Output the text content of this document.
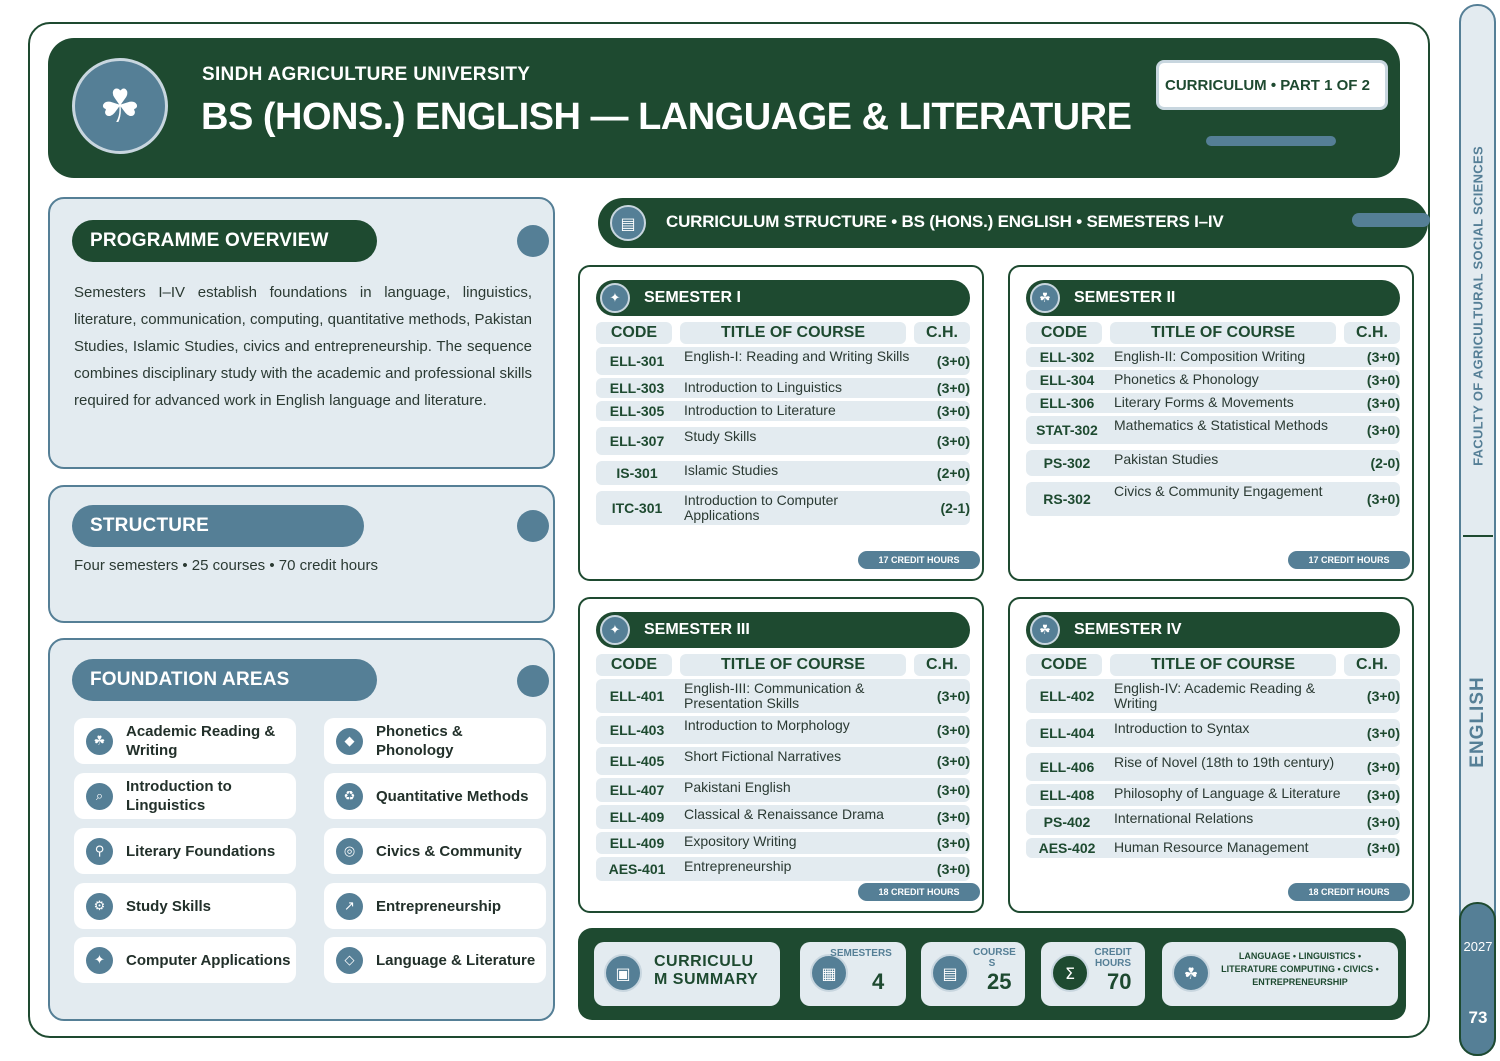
☘
SINDH AGRICULTURE UNIVERSITY
BS (HONS.) ENGLISH — LANGUAGE & LITERATURE
CURRICULUM • PART 1 OF 2
PROGRAMME OVERVIEW
Semesters I–IV establish foundations in language, linguistics, literature, communication, computing, quantitative methods, Pakistan Studies, Islamic Studies, civics and entrepreneurship. The sequence combines disciplinary study with the academic and professional skills required for advanced work in English language and literature.
STRUCTURE
Four semesters • 25 courses • 70 credit hours
FOUNDATION AREAS
☘
Academic Reading & Writing
◆
Phonetics & Phonology
⌕
Introduction to Linguistics
♻	Quantitative Methods
⚲	Literary Foundations	◎	Civics & Community
⚙	Study Skills	↗	Entrepreneurship
✦	Computer Applications	◇	Language & Literature
▤	CURRICULUM STRUCTURE • BS (HONS.) ENGLISH • SEMESTERS I–IV
✦	SEMESTER I
CODE	TITLE OF COURSE	C.H.
ELL-301	English-I: Reading and Writing Skills	(3+0)
ELL-303	Introduction to Linguistics	(3+0)
ELL-305	Introduction to Literature	(3+0)
ELL-307	Study Skills	(3+0)
IS-301	Islamic Studies	(2+0)
ITC-301	Introduction to Computer Applications	(2-1)
17 CREDIT HOURS
☘	SEMESTER II
CODE	TITLE OF COURSE	C.H.
ELL-302	English-II: Composition Writing	(3+0)
ELL-304	Phonetics & Phonology	(3+0)
ELL-306	Literary Forms & Movements	(3+0)
STAT-302	Mathematics & Statistical Methods	(3+0)
PS-302	Pakistan Studies	(2-0)
RS-302	Civics & Community Engagement	(3+0)
17 CREDIT HOURS
✦	SEMESTER III
CODE	TITLE OF COURSE	C.H.
ELL-401	English-III: Communication & Presentation Skills	(3+0)
ELL-403	Introduction to Morphology	(3+0)
ELL-405	Short Fictional Narratives	(3+0)
ELL-407	Pakistani English	(3+0)
ELL-409	Classical & Renaissance Drama	(3+0)
ELL-409	Expository Writing	(3+0)
AES-401	Entrepreneurship	(3+0)
18 CREDIT HOURS
☘	SEMESTER IV
CODE	TITLE OF COURSE	C.H.
ELL-402	English-IV: Academic Reading & Writing	(3+0)
ELL-404	Introduction to Syntax	(3+0)
ELL-406	Rise of Novel (18th to 19th century)	(3+0)
ELL-408	Philosophy of Language & Literature	(3+0)
PS-402	International Relations	(3+0)
AES-402	Human Resource Management	(3+0)
18 CREDIT HOURS
▣
CURRICULU M SUMMARY	▦
SEMESTERS
4	▤
COURSE S
25	Σ
CREDIT HOURS
70	☘
LANGUAGE • LINGUISTICS • LITERATURE COMPUTING • CIVICS • ENTREPRENEURSHIP
FACULTY OF AGRICULTURAL SOCIAL SCIENCES
ENGLISH
2027
73
